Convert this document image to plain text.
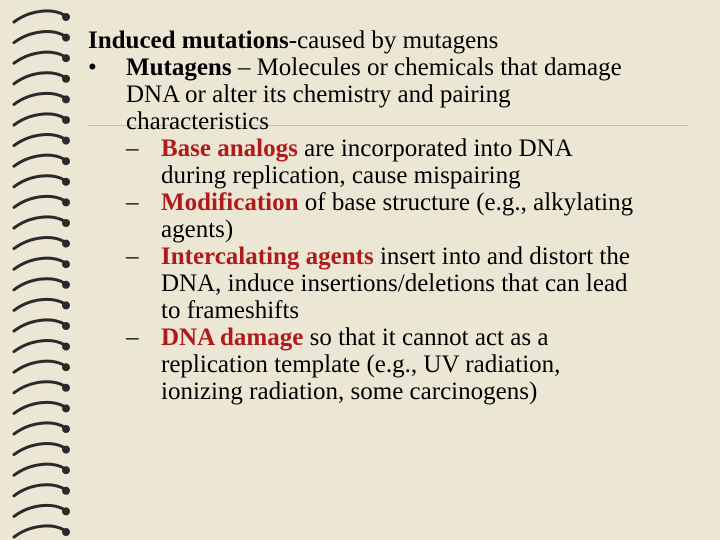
Induced mutations-caused by mutagens
• Mutagens – Molecules or chemicals that damage
DNA or alter its chemistry and pairing
characteristics
– Base analogs are incorporated into DNA
during replication, cause mispairing
– Modification of base structure (e.g., alkylating
agents)
– Intercalating agents insert into and distort the
DNA, induce insertions/deletions that can lead
to frameshifts
– DNA damage so that it cannot act as a
replication template (e.g., UV radiation,
ionizing radiation, some carcinogens)
